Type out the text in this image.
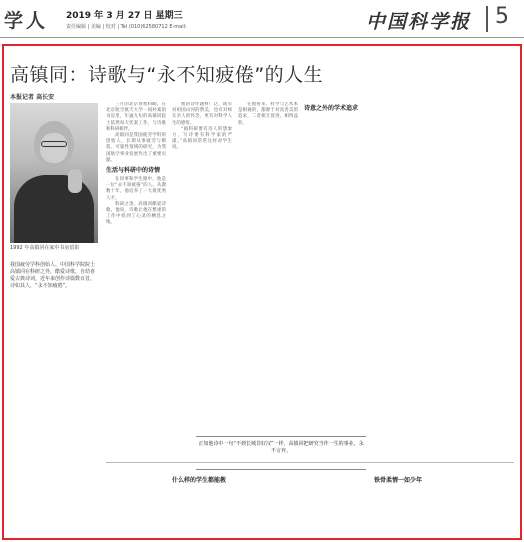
学人 2019 年 3 月 27 日 星期三
责任编辑 | 美编 | 校对 | Tel (010)62580712 E-mail:	中国科学报 5
高镇同：诗歌与“永不知疲倦”的人生
本报记者 高长安
1992 年高镇同在家中书房留影
我国疲劳学科创始人、中国科学院院士高镇同在科研之外，酷爱诗歌，自幼喜爱古典诗词，近年来创作诗篇数百首，诗如其人，“永不知疲倦”。

三月的北京春寒料峭，在北京航空航天大学一间朴素的书房里，年逾九旬的高镇同院士依然每天伏案工作，与诗歌和科研相伴。

高镇同是我国疲劳学科的创始人，长期从事疲劳与断裂、可靠性领域的研究，为我国航空事业发展作出了重要贡献。

生活与科研中的诗情

在同事和学生眼中，他是一位“永不知疲倦”的人。从教数十年，他培养了一大批优秀人才。

科研之余，高镇同酷爱诗歌。他说，诗歌让他在繁重的工作中找到了心灵的栖息之地。

他的诗作题材广泛，既有对祖国山河的赞美，也有对师友亲人的怀念，更有对科学人生的感悟。

“搞科研要有诗人的想象力，写诗要有科学家的严谨。”高镇同常常这样对学生说。

在他看来，科学与艺术本是相通的，都源于对真善美的追求，二者相互促进、相得益彰。

诗意之外的学术追求
正如他诗中一句“不到长城非好汉”一样，高镇同把研究当作一生的事业，永不言弃。
什么样的学生都能教	铁骨柔情一如少年
